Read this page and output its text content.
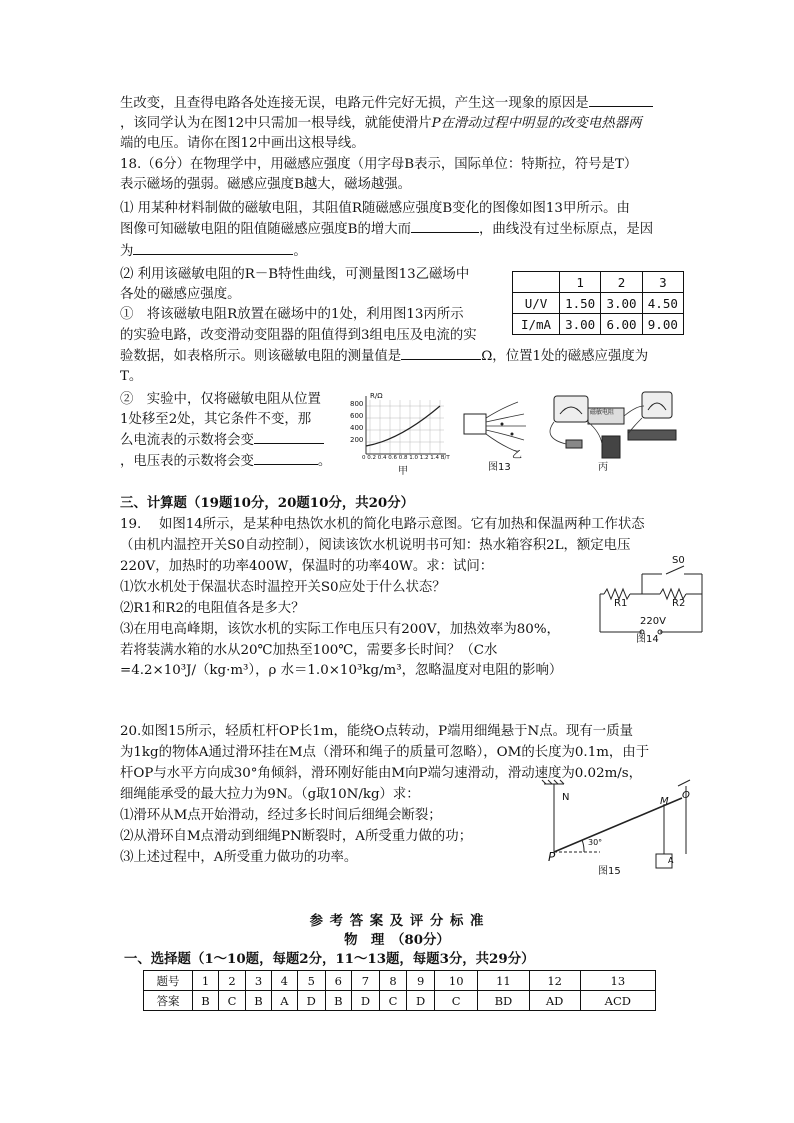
生改变，且查得电路各处连接无误，电路元件完好无损，产生这一现象的原因是
，该同学认为在图12中只需加一根导线，就能使滑片P在滑动过程中明显的改变电热器两
端的电压。请你在图12中画出这根导线。
18.（6分）在物理学中，用磁感应强度（用字母B表示，国际单位：特斯拉，符号是T）
表示磁场的强弱。磁感应强度B越大，磁场越强。
⑴ 用某种材料制做的磁敏电阻，其阻值R随磁感应强度B变化的图像如图13甲所示。由
图像可知磁敏电阻的阻值随磁感应强度B的增大而	，曲线没有过坐标原点，是因
为	。
⑵ 利用该磁敏电阻的R－B特性曲线，可测量图13乙磁场中
各处的磁感应强度。
①　将该磁敏电阻R放置在磁场中的1处，利用图13丙所示
的实验电路，改变滑动变阻器的阻值得到3组电压及电流的实
验数据，如表格所示。则该磁敏电阻的测量值是	Ω，位置1处的磁感应强度为
T。
②　实验中，仅将磁敏电阻从位置
1处移至2处，其它条件不变，那
么电流表的示数将会变
，电压表的示数将会变	。
	1	2	3
U/V	1.50	3.00	4.50
I/mA	3.00	6.00	9.00
R/Ω
800
600
400
200
0 0.2 0.4 0.6 0.8 1.0 1.2 1.4 B/T
甲
乙
图13
磁敏电阻
丙
三、计算题（19题10分，20题10分，共20分）
19.　 如图14所示，是某种电热饮水机的简化电路示意图。它有加热和保温两种工作状态
（由机内温控开关S0自动控制），阅读该饮水机说明书可知：热水箱容积2L，额定电压
220V，加热时的功率400W，保温时的功率40W。求：试问：
⑴饮水机处于保温状态时温控开关S0应处于什么状态？
⑵R1和R2的电阻值各是多大？
⑶在用电高峰期，该饮水机的实际工作电压只有200V，加热效率为80%，
若将装满水箱的水从20℃加热至100℃，需要多长时间？（C水
=4.2×10³J/（kg·m³），ρ 水＝1.0×10³kg/m³，忽略温度对电阻的影响）
S0
R1	R2
220V
图14
20.如图15所示，轻质杠杆OP长1m，能绕O点转动，P端用细绳悬于N点。现有一质量
为1kg的物体A通过滑环挂在M点（滑环和绳子的质量可忽略），OM的长度为0.1m，由于
杆OP与水平方向成30°角倾斜，滑环刚好能由M向P端匀速滑动，滑动速度为0.02m/s，
细绳能承受的最大拉力为9N。（g取10N/kg）求：
⑴滑环从M点开始滑动，经过多长时间后细绳会断裂；
⑵从滑环自M点滑动到细绳PN断裂时，A所受重力做的功；
⑶上述过程中，A所受重力做功的功率。
N	M
O
P
30°
A
图15
参 考 答 案 及 评 分 标 准
物　理　（80分）
一、选择题（1～10题，每题2分，11～13题，每题3分，共29分）
题号	1	2	3	4	5	6	7	8	9	10	11	12	13
答案	B	C	B	A	D	B	D	C	D	C	BD	AD	ACD
